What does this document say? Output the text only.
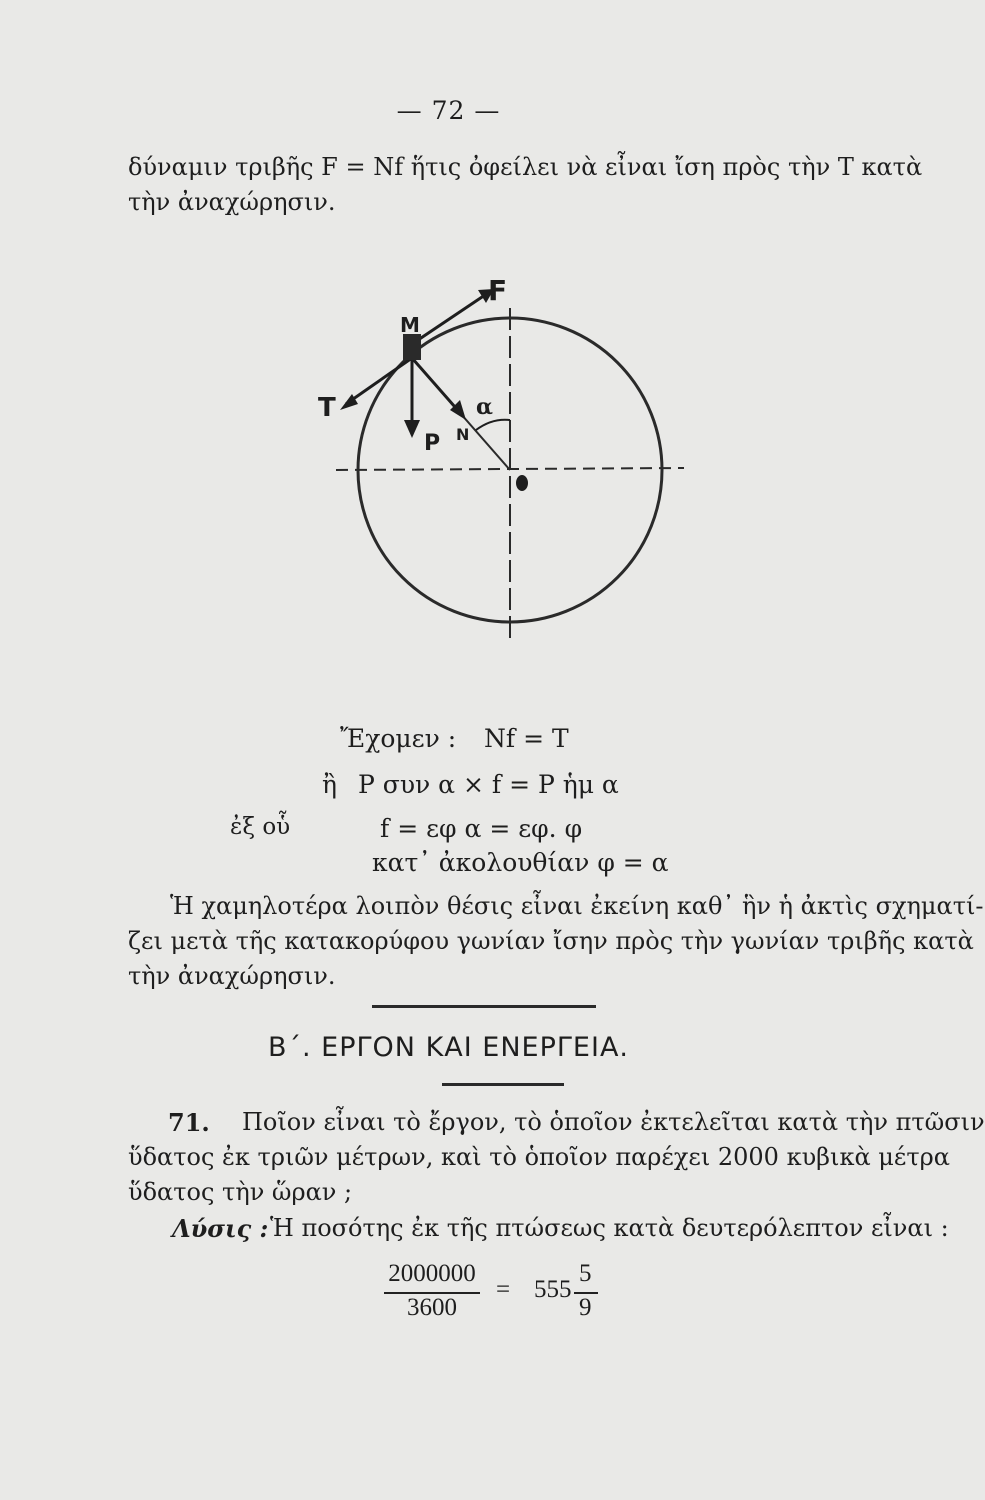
— 72 —
δύναμιν τριβῆς F = Nf ἥτις ὀφείλει νὰ εἶναι ἴση πρὸς τὴν T κατὰ
τὴν ἀναχώρησιν.
F
M
T
P N
α
Ἔχομεν : Nf = T
ἢ P συν α × f = P ἡμ α
ἐξ οὗ	f = εφ α = εφ. φ
κατ᾽ ἀκολουθίαν φ = α
Ἡ χαμηλοτέρα λοιπὸν θέσις εἶναι ἐκείνη καθ᾽ ἣν ἡ ἀκτὶς σχηματί-
ζει μετὰ τῆς κατακορύφου γωνίαν ἴσην πρὸς τὴν γωνίαν τριβῆς κατὰ
τὴν ἀναχώρησιν.
Β΄. ΕΡΓΟΝ ΚΑΙ ΕΝΕΡΓΕΙΑ.
71. Ποῖον εἶναι τὸ ἔργον, τὸ ὁποῖον ἐκτελεῖται κατὰ τὴν πτῶσιν
ὕδατος ἐκ τριῶν μέτρων, καὶ τὸ ὁποῖον παρέχει 2000 κυβικὰ μέτρα
ὕδατος τὴν ὥραν ;
Λύσις : Ἡ ποσότης ἐκ τῆς πτώσεως κατὰ δευτερόλεπτον εἶναι :
2000000
3600
= 555
5
9
